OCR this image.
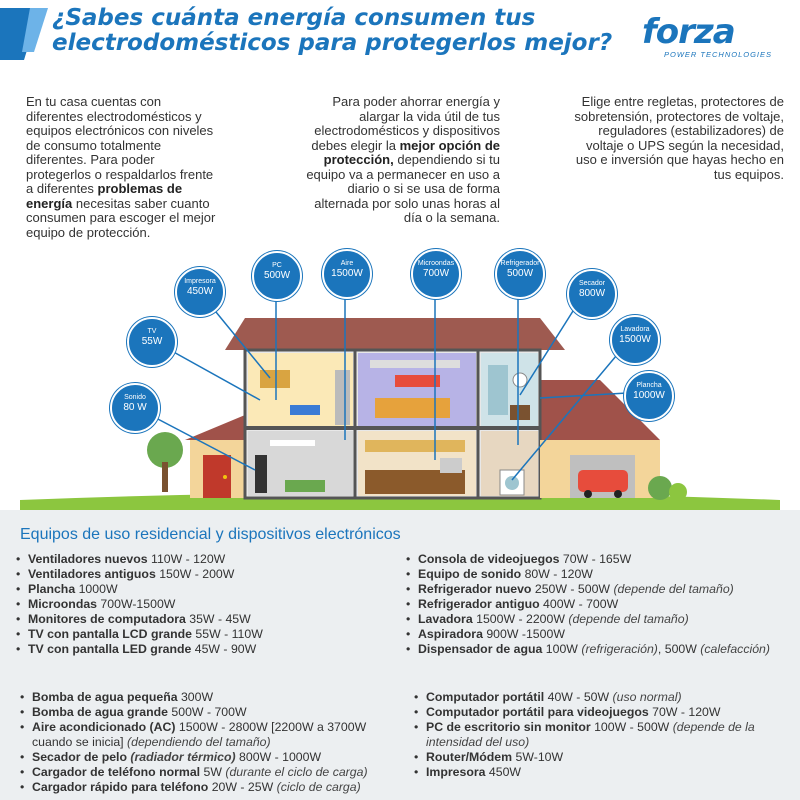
¿Sabes cuánta energía consumen tus
electrodomésticos para protegerlos mejor? forza
POWER TECHNOLOGIES
En tu casa cuentas con diferentes electrodomésticos y equipos electrónicos con niveles de consumo totalmente diferentes. Para poder protegerlos o respaldarlos frente a diferentes problemas de energía necesitas saber cuanto consumen para escoger el mejor equipo de protección.
Para poder ahorrar energía y alargar la vida útil de tus electrodomésticos y dispositivos debes elegir la mejor opción de protección, dependiendo si tu equipo va a permanecer en uso a diario o si se usa de forma alternada por solo unas horas al día o la semana.
Elige entre regletas, protectores de sobretensión, protectores de voltaje, reguladores (estabilizadores) de voltaje o UPS según la necesidad, uso e inversión que hayas hecho en tus equipos.
Sonido
80 W
TV
55W
Impresora
450W
PC
500W
Aire
1500W
Microondas
700W
Refrigerador
500W
Secador
800W
Lavadora
1500W
Plancha
1000W
Equipos de uso residencial y dispositivos electrónicos
• Ventiladores nuevos 110W - 120W
• Ventiladores antiguos 150W - 200W
• Plancha 1000W
• Microondas 700W-1500W
• Monitores de computadora 35W - 45W
• TV con pantalla LCD grande 55W - 110W
• TV con pantalla LED grande 45W - 90W
• Consola de videojuegos 70W - 165W
• Equipo de sonido 80W - 120W
• Refrigerador nuevo 250W - 500W (depende del tamaño)
• Refrigerador antiguo 400W - 700W
• Lavadora 1500W - 2200W (depende del tamaño)
• Aspiradora 900W -1500W
• Dispensador de agua 100W (refrigeración), 500W (calefacción)
• Bomba de agua pequeña 300W
• Bomba de agua grande 500W - 700W
• Aire acondicionado (AC) 1500W - 2800W [2200W a 3700W cuando se inicia] (dependiendo del tamaño)
• Secador de pelo (radiador térmico) 800W - 1000W
• Cargador de teléfono normal 5W (durante el ciclo de carga)
• Cargador rápido para teléfono 20W - 25W (ciclo de carga)
• Computador portátil 40W - 50W (uso normal)
• Computador portátil para videojuegos 70W - 120W
• PC de escritorio sin monitor 100W - 500W (depende de la intensidad del uso)
• Router/Módem 5W-10W
• Impresora 450W
